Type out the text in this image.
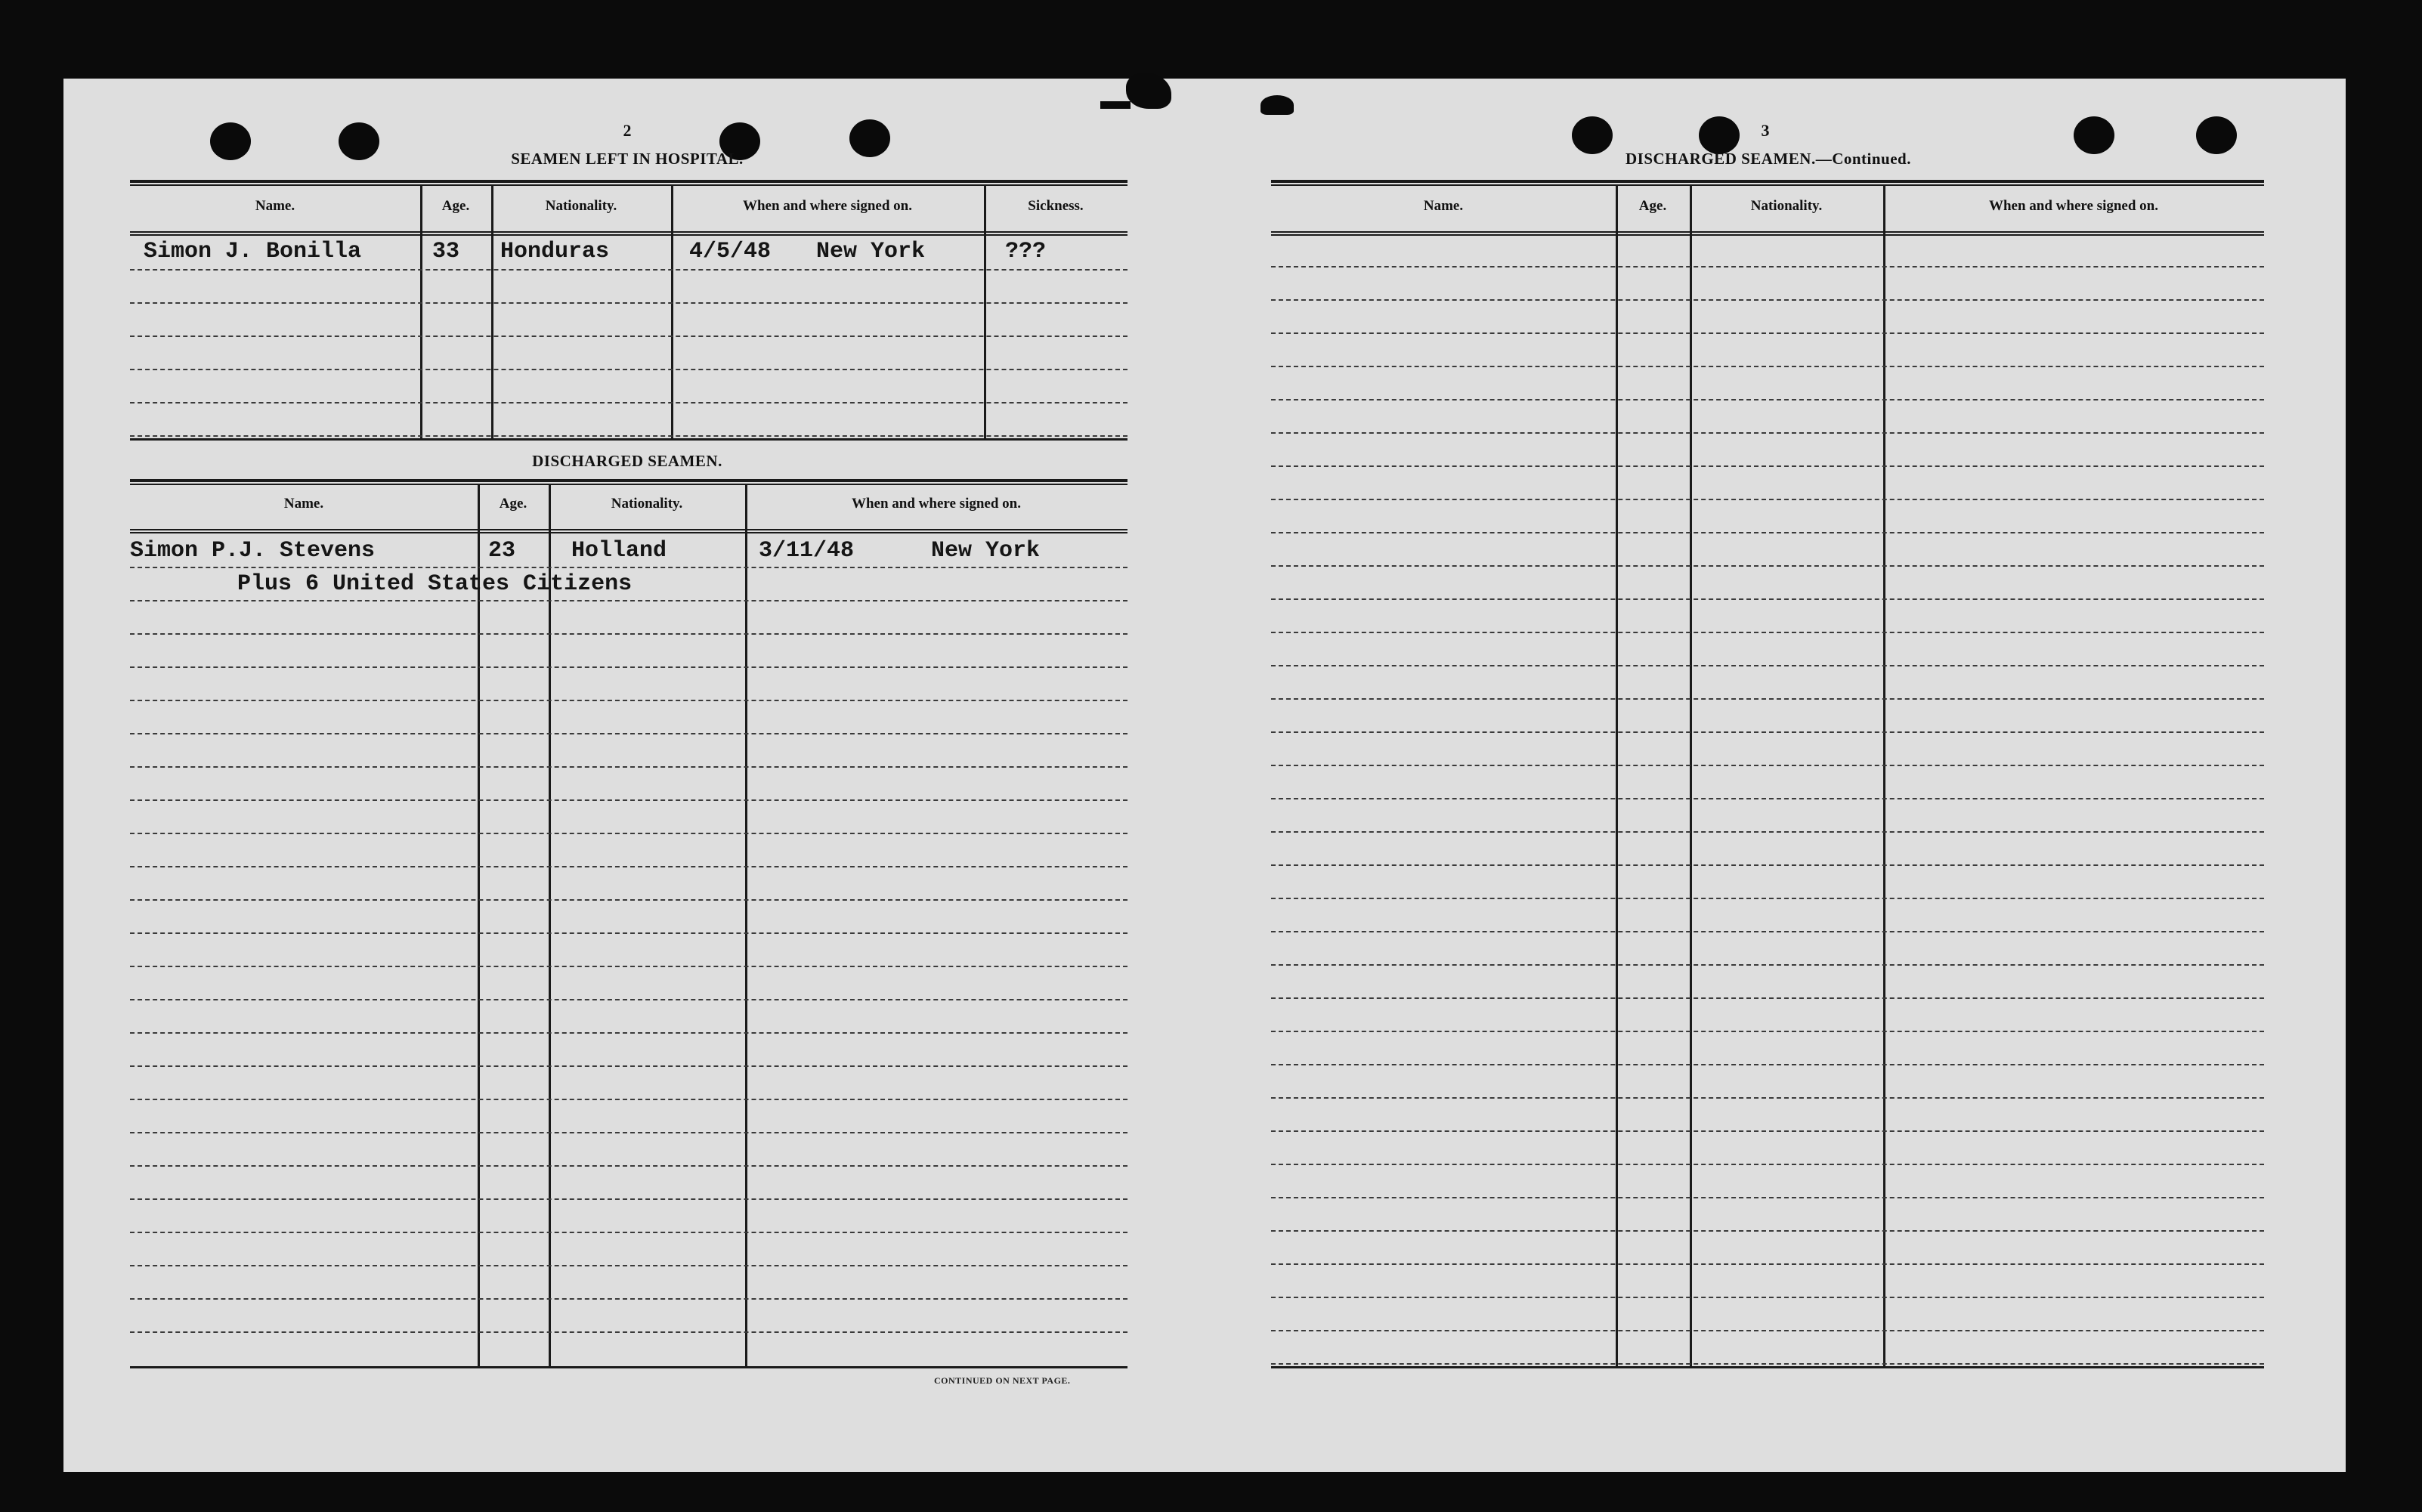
2
SEAMEN LEFT IN HOSPITAL.
Name.	Age.	Nationality.	When and where signed on.	Sickness.
Simon J. Bonilla	33 Honduras	4/5/48 New York	???
DISCHARGED SEAMEN.
Name.	Age.	Nationality.	When and where signed on.
Simon P.J. Stevens	23 Holland	3/11/48	New York
Plus 6 United States Citizens
CONTINUED ON NEXT PAGE.
3
DISCHARGED SEAMEN.—Continued.
Name.	Age.	Nationality.	When and where signed on.
